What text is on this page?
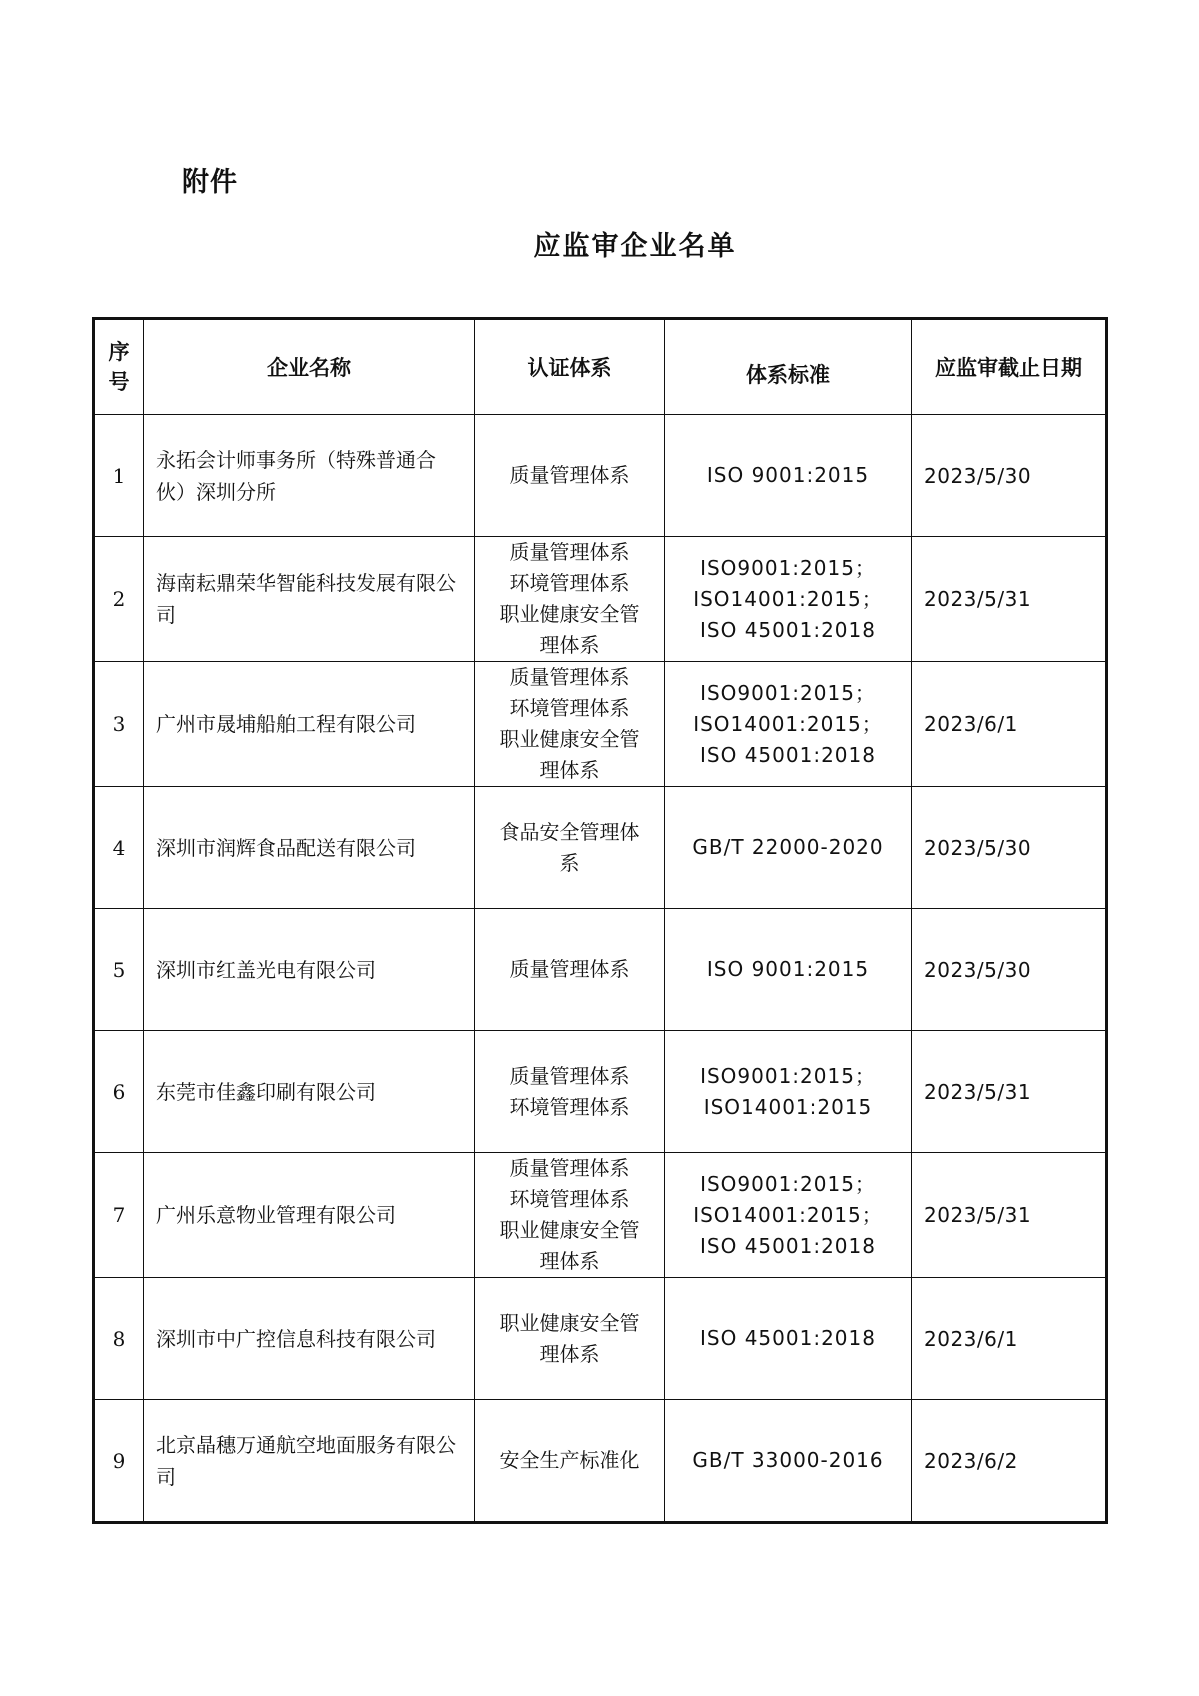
附件
应监审企业名单
序
号	企业名称	认证体系	体系标准	应监审截止日期
1	永拓会计师事务所（特殊普通合伙）深圳分所	质量管理体系	ISO 9001:2015	2023/5/30
2	海南耘鼎荣华智能科技发展有限公司	质量管理体系
环境管理体系
职业健康安全管
理体系	ISO9001:2015；
ISO14001:2015；
ISO 45001:2018	2023/5/31
3	广州市晟埔船舶工程有限公司	质量管理体系
环境管理体系
职业健康安全管
理体系	ISO9001:2015；
ISO14001:2015；
ISO 45001:2018	2023/6/1
4	深圳市润辉食品配送有限公司	食品安全管理体
系	GB/T 22000-2020	2023/5/30
5	深圳市红盖光电有限公司	质量管理体系	ISO 9001:2015	2023/5/30
6	东莞市佳鑫印刷有限公司	质量管理体系
环境管理体系	ISO9001:2015；
ISO14001:2015	2023/5/31
7	广州乐意物业管理有限公司	质量管理体系
环境管理体系
职业健康安全管
理体系	ISO9001:2015；
ISO14001:2015；
ISO 45001:2018	2023/5/31
8	深圳市中广控信息科技有限公司	职业健康安全管
理体系	ISO 45001:2018	2023/6/1
9	北京晶穗万通航空地面服务有限公司	安全生产标准化	GB/T 33000-2016	2023/6/2
